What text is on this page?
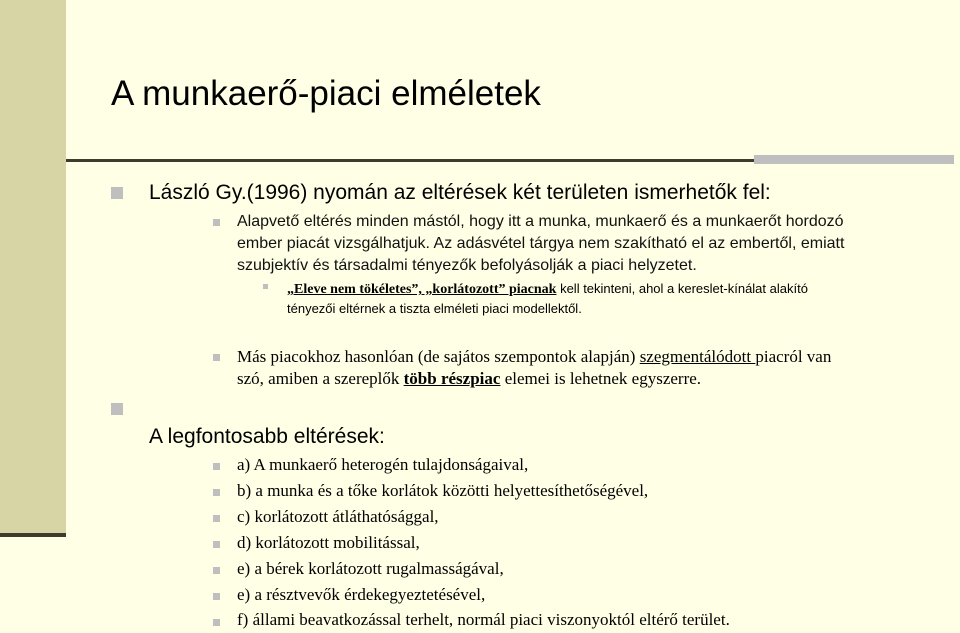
A munkaerő-piaci elméletek
László Gy.(1996) nyomán az eltérések két területen ismerhetők fel:
Alapvető eltérés minden mástól, hogy itt a munka, munkaerő és a munkaerőt hordozó
ember piacát vizsgálhatjuk. Az adásvétel tárgya nem szakítható el az embertől, emiatt
szubjektív és társadalmi tényezők befolyásolják a piaci helyzetet.
„Eleve nem tökéletes”, „korlátozott” piacnak kell tekinteni, ahol a kereslet-kínálat alakító
tényezői eltérnek a tiszta elméleti piaci modellektől.
Más piacokhoz hasonlóan (de sajátos szempontok alapján) szegmentálódott piacról van
szó, amiben a szereplők több részpiac elemei is lehetnek egyszerre.
A legfontosabb eltérések:
a) A munkaerő heterogén tulajdonságaival,
b) a munka és a tőke korlátok közötti helyettesíthetőségével,
c) korlátozott átláthatósággal,
d) korlátozott mobilitással,
e) a bérek korlátozott rugalmasságával,
e) a résztvevők érdekegyeztetésével,
f) állami beavatkozással terhelt, normál piaci viszonyoktól eltérő terület.
